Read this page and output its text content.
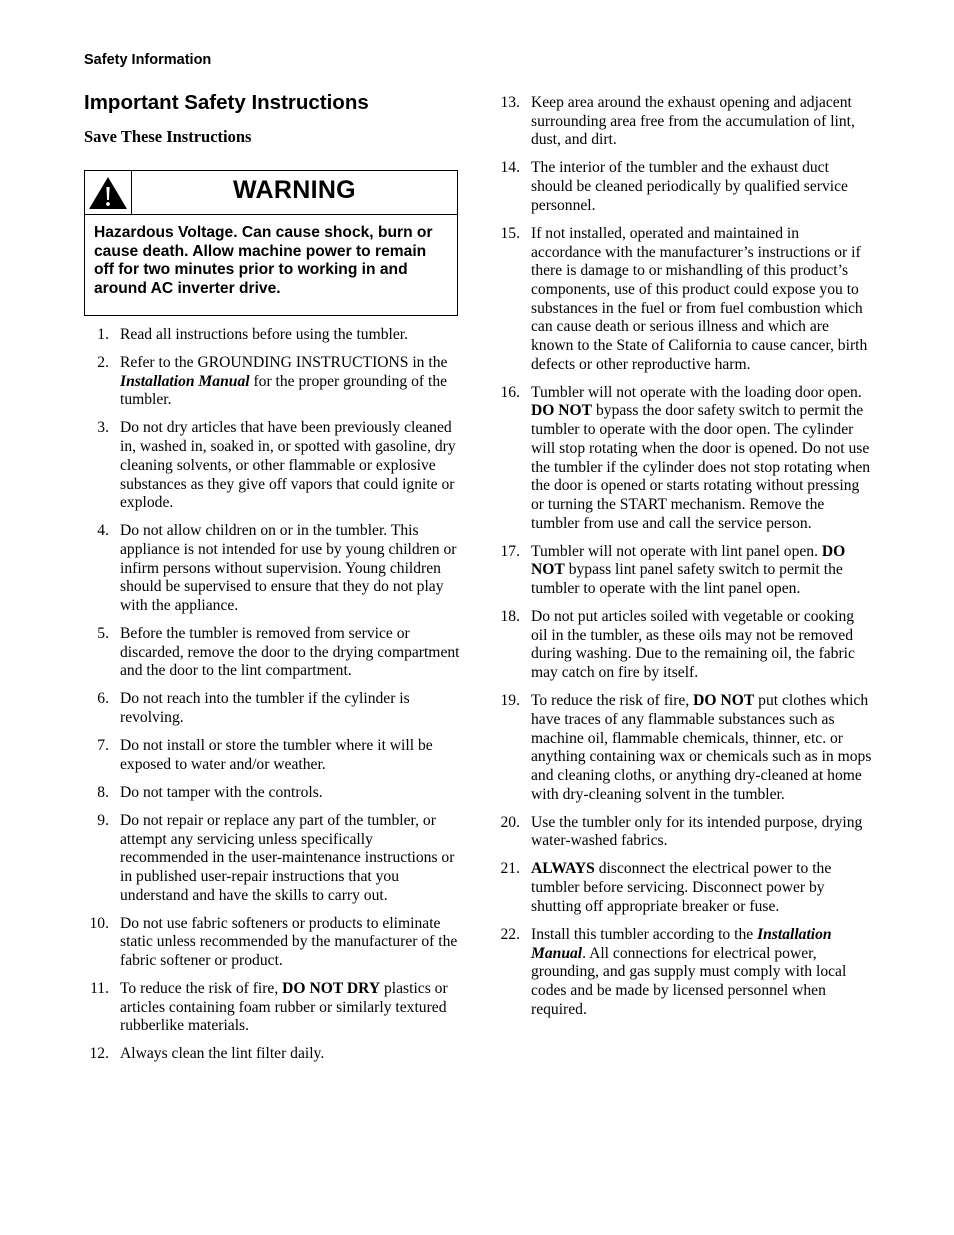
Safety Information
Important Safety Instructions
Save These Instructions
WARNING
Hazardous Voltage. Can cause shock, burn or cause death. Allow machine power to remain off for two minutes prior to working in and around AC inverter drive.
1. Read all instructions before using the tumbler.
2. Refer to the GROUNDING INSTRUCTIONS in the Installation Manual for the proper grounding of the tumbler.
3. Do not dry articles that have been previously cleaned in, washed in, soaked in, or spotted with gasoline, dry cleaning solvents, or other flammable or explosive substances as they give off vapors that could ignite or explode.
4. Do not allow children on or in the tumbler. This appliance is not intended for use by young children or infirm persons without supervision. Young children should be supervised to ensure that they do not play with the appliance.
5. Before the tumbler is removed from service or discarded, remove the door to the drying compartment and the door to the lint compartment.
6. Do not reach into the tumbler if the cylinder is revolving.
7. Do not install or store the tumbler where it will be exposed to water and/or weather.
8. Do not tamper with the controls.
9. Do not repair or replace any part of the tumbler, or attempt any servicing unless specifically recommended in the user-maintenance instructions or in published user-repair instructions that you understand and have the skills to carry out.
10. Do not use fabric softeners or products to eliminate static unless recommended by the manufacturer of the fabric softener or product.
11. To reduce the risk of fire, DO NOT DRY plastics or articles containing foam rubber or similarly textured rubberlike materials.
12. Always clean the lint filter daily.
13. Keep area around the exhaust opening and adjacent surrounding area free from the accumulation of lint, dust, and dirt.
14. The interior of the tumbler and the exhaust duct should be cleaned periodically by qualified service personnel.
15. If not installed, operated and maintained in accordance with the manufacturer’s instructions or if there is damage to or mishandling of this product’s components, use of this product could expose you to substances in the fuel or from fuel combustion which can cause death or serious illness and which are known to the State of California to cause cancer, birth defects or other reproductive harm.
16. Tumbler will not operate with the loading door open. DO NOT bypass the door safety switch to permit the tumbler to operate with the door open. The cylinder will stop rotating when the door is opened. Do not use the tumbler if the cylinder does not stop rotating when the door is opened or starts rotating without pressing or turning the START mechanism. Remove the tumbler from use and call the service person.
17. Tumbler will not operate with lint panel open. DO NOT bypass lint panel safety switch to permit the tumbler to operate with the lint panel open.
18. Do not put articles soiled with vegetable or cooking oil in the tumbler, as these oils may not be removed during washing. Due to the remaining oil, the fabric may catch on fire by itself.
19. To reduce the risk of fire, DO NOT put clothes which have traces of any flammable substances such as machine oil, flammable chemicals, thinner, etc. or anything containing wax or chemicals such as in mops and cleaning cloths, or anything dry-cleaned at home with dry-cleaning solvent in the tumbler.
20. Use the tumbler only for its intended purpose, drying water-washed fabrics.
21. ALWAYS disconnect the electrical power to the tumbler before servicing. Disconnect power by shutting off appropriate breaker or fuse.
22. Install this tumbler according to the Installation Manual. All connections for electrical power, grounding, and gas supply must comply with local codes and be made by licensed personnel when required.
